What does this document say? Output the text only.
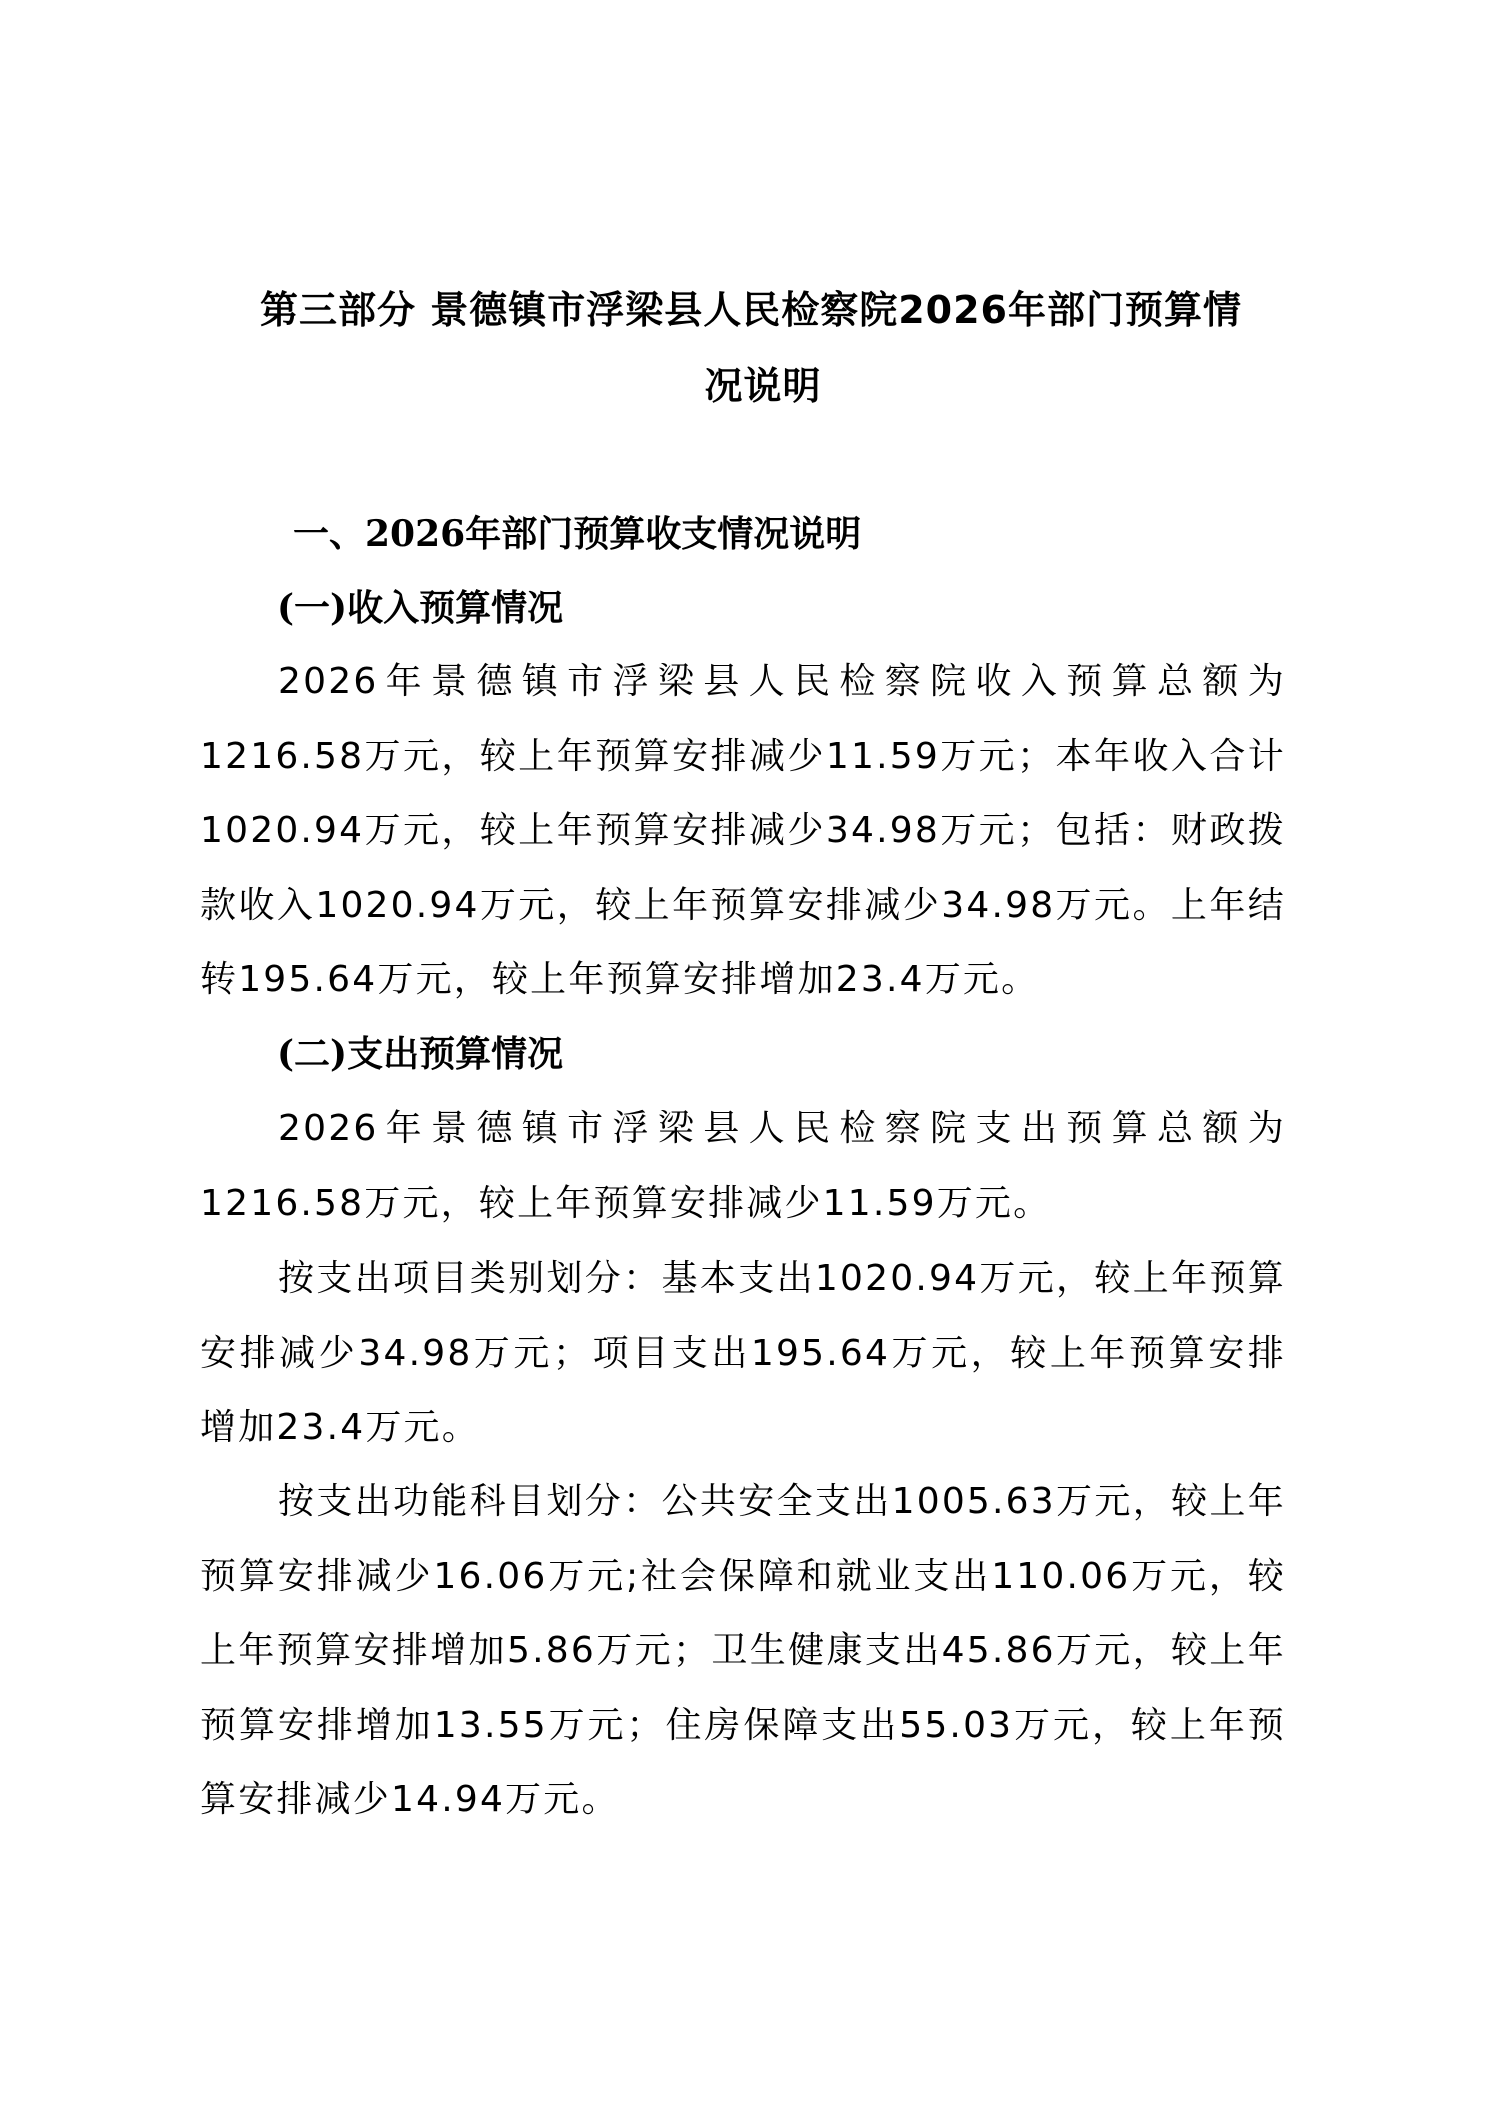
第三部分 景德镇市浮梁县人民检察院2026年部门预算情
况说明
一、2026年部门预算收支情况说明
(一)收入预算情况

2026年景德镇市浮梁县人民检察院收入预算总额为1216.58万元，较上年预算安排减少11.59万元；本年收入合计1020.94万元，较上年预算安排减少34.98万元；包括：财政拨款收入1020.94万元，较上年预算安排减少34.98万元。上年结转195.64万元，较上年预算安排增加23.4万元。

(二)支出预算情况

2026年景德镇市浮梁县人民检察院支出预算总额为1216.58万元，较上年预算安排减少11.59万元。

按支出项目类别划分：基本支出1020.94万元，较上年预算安排减少34.98万元；项目支出195.64万元，较上年预算安排增加23.4万元。

按支出功能科目划分：公共安全支出1005.63万元，较上年预算安排减少16.06万元;社会保障和就业支出110.06万元，较上年预算安排增加5.86万元；卫生健康支出45.86万元，较上年预算安排增加13.55万元；住房保障支出55.03万元，较上年预算安排减少14.94万元。
